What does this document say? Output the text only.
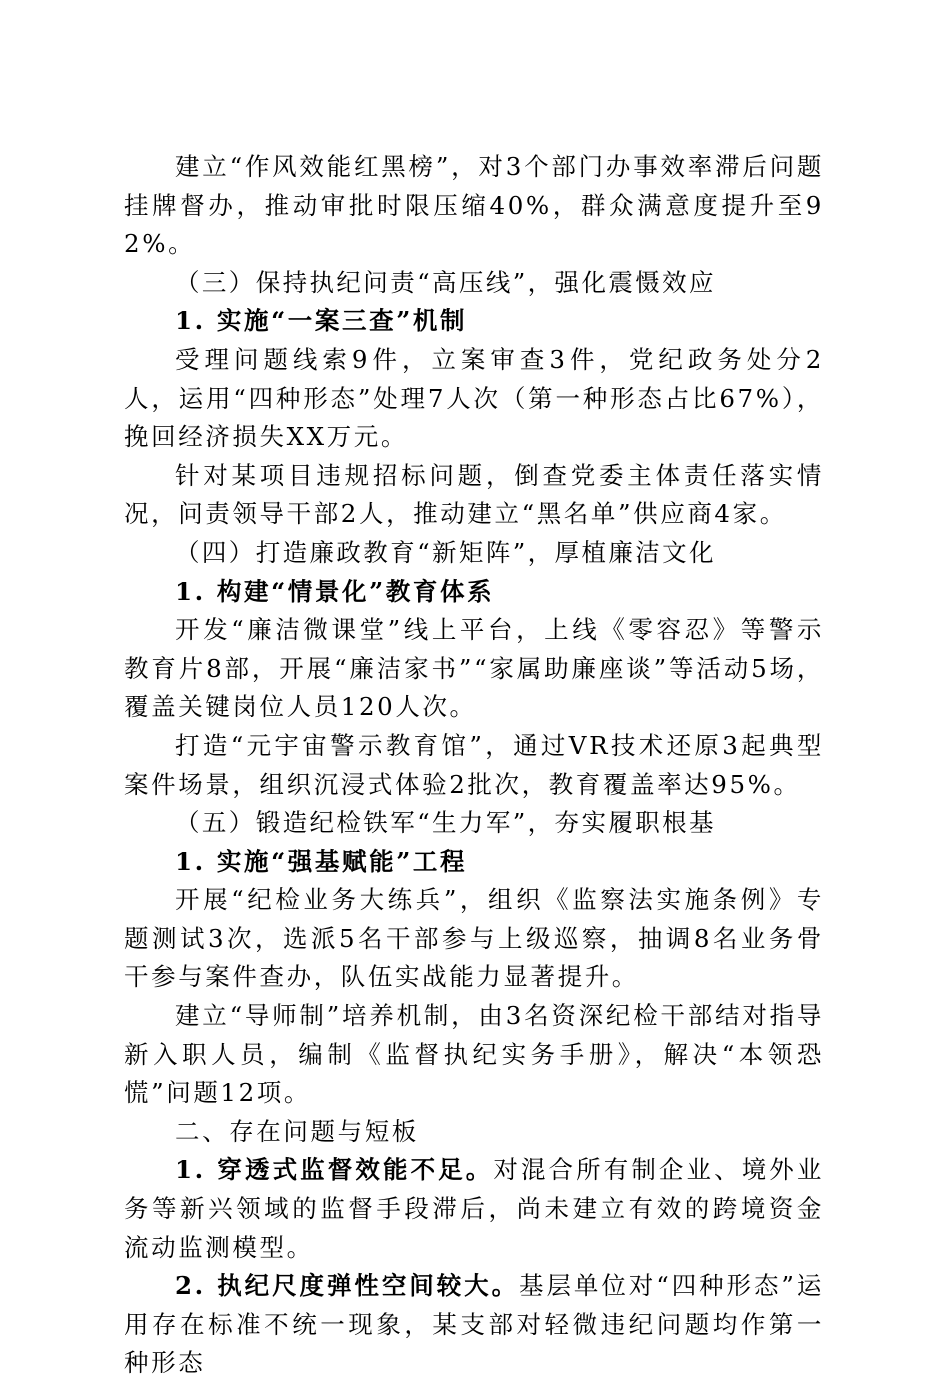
建立“作风效能红黑榜”，对3个部门办事效率滞后问题挂牌督办，推动审批时限压缩40%，群众满意度提升至92%。

（三）保持执纪问责“高压线”，强化震慑效应

1. 实施“一案三查”机制

受理问题线索9件，立案审查3件，党纪政务处分2人，运用“四种形态”处理7人次（第一种形态占比67%），挽回经济损失XX万元。

针对某项目违规招标问题，倒查党委主体责任落实情况，问责领导干部2人，推动建立“黑名单”供应商4家。

（四）打造廉政教育“新矩阵”，厚植廉洁文化

1. 构建“情景化”教育体系

开发“廉洁微课堂”线上平台，上线《零容忍》等警示教育片8部，开展“廉洁家书”“家属助廉座谈”等活动5场，覆盖关键岗位人员120人次。

打造“元宇宙警示教育馆”，通过VR技术还原3起典型案件场景，组织沉浸式体验2批次，教育覆盖率达95%。

（五）锻造纪检铁军“生力军”，夯实履职根基

1. 实施“强基赋能”工程

开展“纪检业务大练兵”，组织《监察法实施条例》专题测试3次，选派5名干部参与上级巡察，抽调8名业务骨干参与案件查办，队伍实战能力显著提升。

建立“导师制”培养机制，由3名资深纪检干部结对指导新入职人员，编制《监督执纪实务手册》，解决“本领恐慌”问题12项。

二、存在问题与短板

1. 穿透式监督效能不足。对混合所有制企业、境外业务等新兴领域的监督手段滞后，尚未建立有效的跨境资金流动监测模型。

2. 执纪尺度弹性空间较大。基层单位对“四种形态”运用存在标准不统一现象，某支部对轻微违纪问题均作第一种形态
